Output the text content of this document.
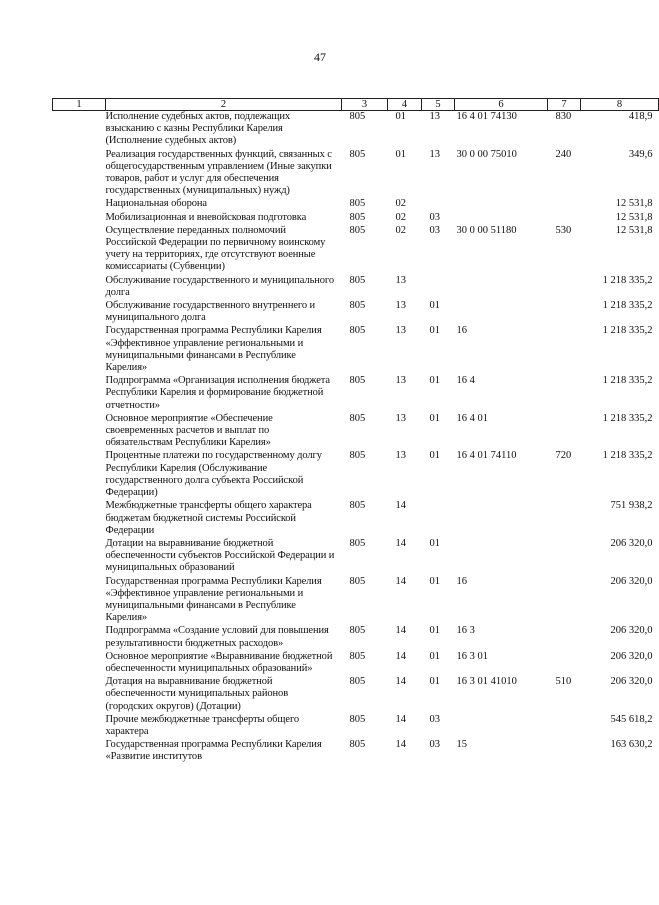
47
1	2	3	4	5	6	7	8
	Исполнение судебных актов, подлежащих взысканию с казны Республики Карелия (Исполнение судебных актов)	805	01	13	16 4 01 74130	830	418,9
	Реализация государственных функций, связанных с общегосударственным управлением (Иные закупки товаров, работ и услуг для обеспечения государственных (муниципальных) нужд)	805	01	13	30 0 00 75010	240	349,6
	Национальная оборона	805	02				12 531,8
	Мобилизационная и вневойсковая подготовка	805	02	03			12 531,8
	Осуществление переданных полномочий Российской Федерации по первичному воинскому учету на территориях, где отсутствуют военные комиссариаты (Субвенции)	805	02	03	30 0 00 51180	530	12 531,8
	Обслуживание государственного и муниципального долга	805	13				1 218 335,2
	Обслуживание государственного внутреннего и муниципального долга	805	13	01			1 218 335,2
	Государственная программа Республики Карелия «Эффективное управление региональными и муниципальными финансами в Республике Карелия»	805	13	01	16		1 218 335,2
	Подпрограмма «Организация исполнения бюджета Республики Карелия и формирование бюджетной отчетности»	805	13	01	16 4		1 218 335,2
	Основное мероприятие «Обеспечение своевременных расчетов и выплат по обязательствам Республики Карелия»	805	13	01	16 4 01		1 218 335,2
	Процентные платежи по государственному долгу Республики Карелия (Обслуживание государственного долга субъекта Российской Федерации)	805	13	01	16 4 01 74110	720	1 218 335,2
	Межбюджетные трансферты общего характера бюджетам бюджетной системы Российской Федерации	805	14				751 938,2
	Дотации на выравнивание бюджетной обеспеченности субъектов Российской Федерации и муниципальных образований	805	14	01			206 320,0
	Государственная программа Республики Карелия «Эффективное управление региональными и муниципальными финансами в Республике Карелия»	805	14	01	16		206 320,0
	Подпрограмма «Создание условий для повышения результативности бюджетных расходов»	805	14	01	16 3		206 320,0
	Основное мероприятие «Выравнивание бюджетной обеспеченности муниципальных образований»	805	14	01	16 3 01		206 320,0
	Дотация на выравнивание бюджетной обеспеченности муниципальных районов (городских округов) (Дотации)	805	14	01	16 3 01 41010	510	206 320,0
	Прочие межбюджетные трансферты общего характера	805	14	03			545 618,2
	Государственная программа Республики Карелия «Развитие институтов	805	14	03	15		163 630,2
